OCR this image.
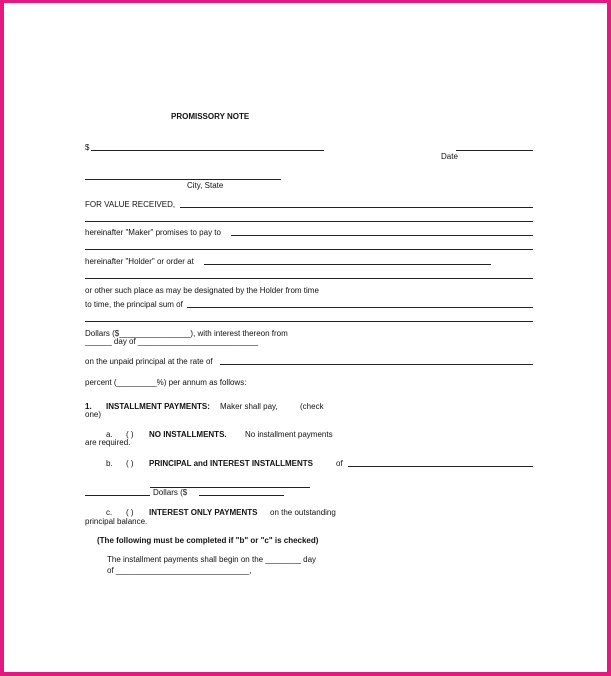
PROMISSORY NOTE
$
Date
City, State
FOR VALUE RECEIVED,
hereinafter "Maker" promises to pay to
hereinafter "Holder" or order at
or other such place as may be designated by the Holder from time
to time, the principal sum of
Dollars ($________________), with interest thereon from
______ day of ___________________________
on the unpaid principal at the rate of
percent (_________%) per annum as follows:
1. INSTALLMENT PAYMENTS: Maker shall pay,	(check
one)
a. ( ) NO INSTALLMENTS. No installment payments
are required.
b. ( ) PRINCIPAL and INTEREST INSTALLMENTS	of
Dollars ($
c. ( ) INTEREST ONLY PAYMENTS on the outstanding
principal balance.
(The following must be completed if "b" or "c" is checked)
The installment payments shall begin on the ________ day
of ______________________________,
